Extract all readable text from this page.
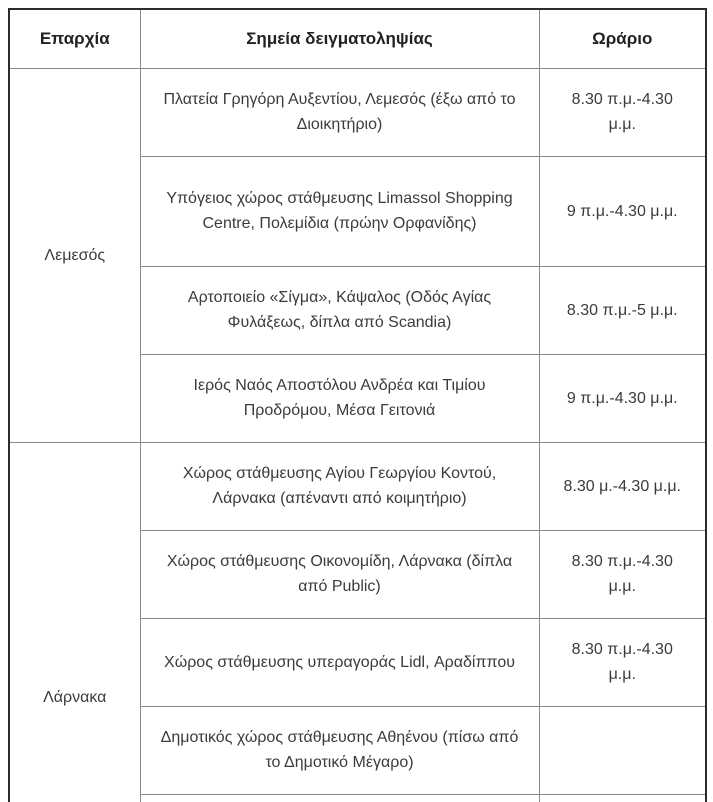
Επαρχία	Σημεία δειγματοληψίας	Ωράριο
Λεμεσός	Πλατεία Γρηγόρη Αυξεντίου, Λεμεσός (έξω από το Διοικητήριο)	8.30 π.μ.-4.30 μ.μ.
	Υπόγειος χώρος στάθμευσης Limassol Shopping Centre, Πολεμίδια (πρώην Ορφανίδης)	9 π.μ.-4.30 μ.μ.
	Αρτοποιείο «Σίγμα», Κάψαλος (Οδός Αγίας Φυλάξεως, δίπλα από Scandia)	8.30 π.μ.-5 μ.μ.
	Ιερός Ναός Αποστόλου Ανδρέα και Τιμίου Προδρόμου, Μέσα Γειτονιά	9 π.μ.-4.30 μ.μ.
Λάρνακα	Χώρος στάθμευσης Αγίου Γεωργίου Κοντού, Λάρνακα (απέναντι από κοιμητήριο)	8.30 μ.-4.30 μ.μ.
	Χώρος στάθμευσης Οικονομίδη, Λάρνακα (δίπλα από Public)	8.30 π.μ.-4.30 μ.μ.
	Χώρος στάθμευσης υπεραγοράς Lidl, Αραδίππου	8.30 π.μ.-4.30 μ.μ.
	Δημοτικός χώρος στάθμευσης Αθηένου (πίσω από το Δημοτικό Μέγαρο)	
